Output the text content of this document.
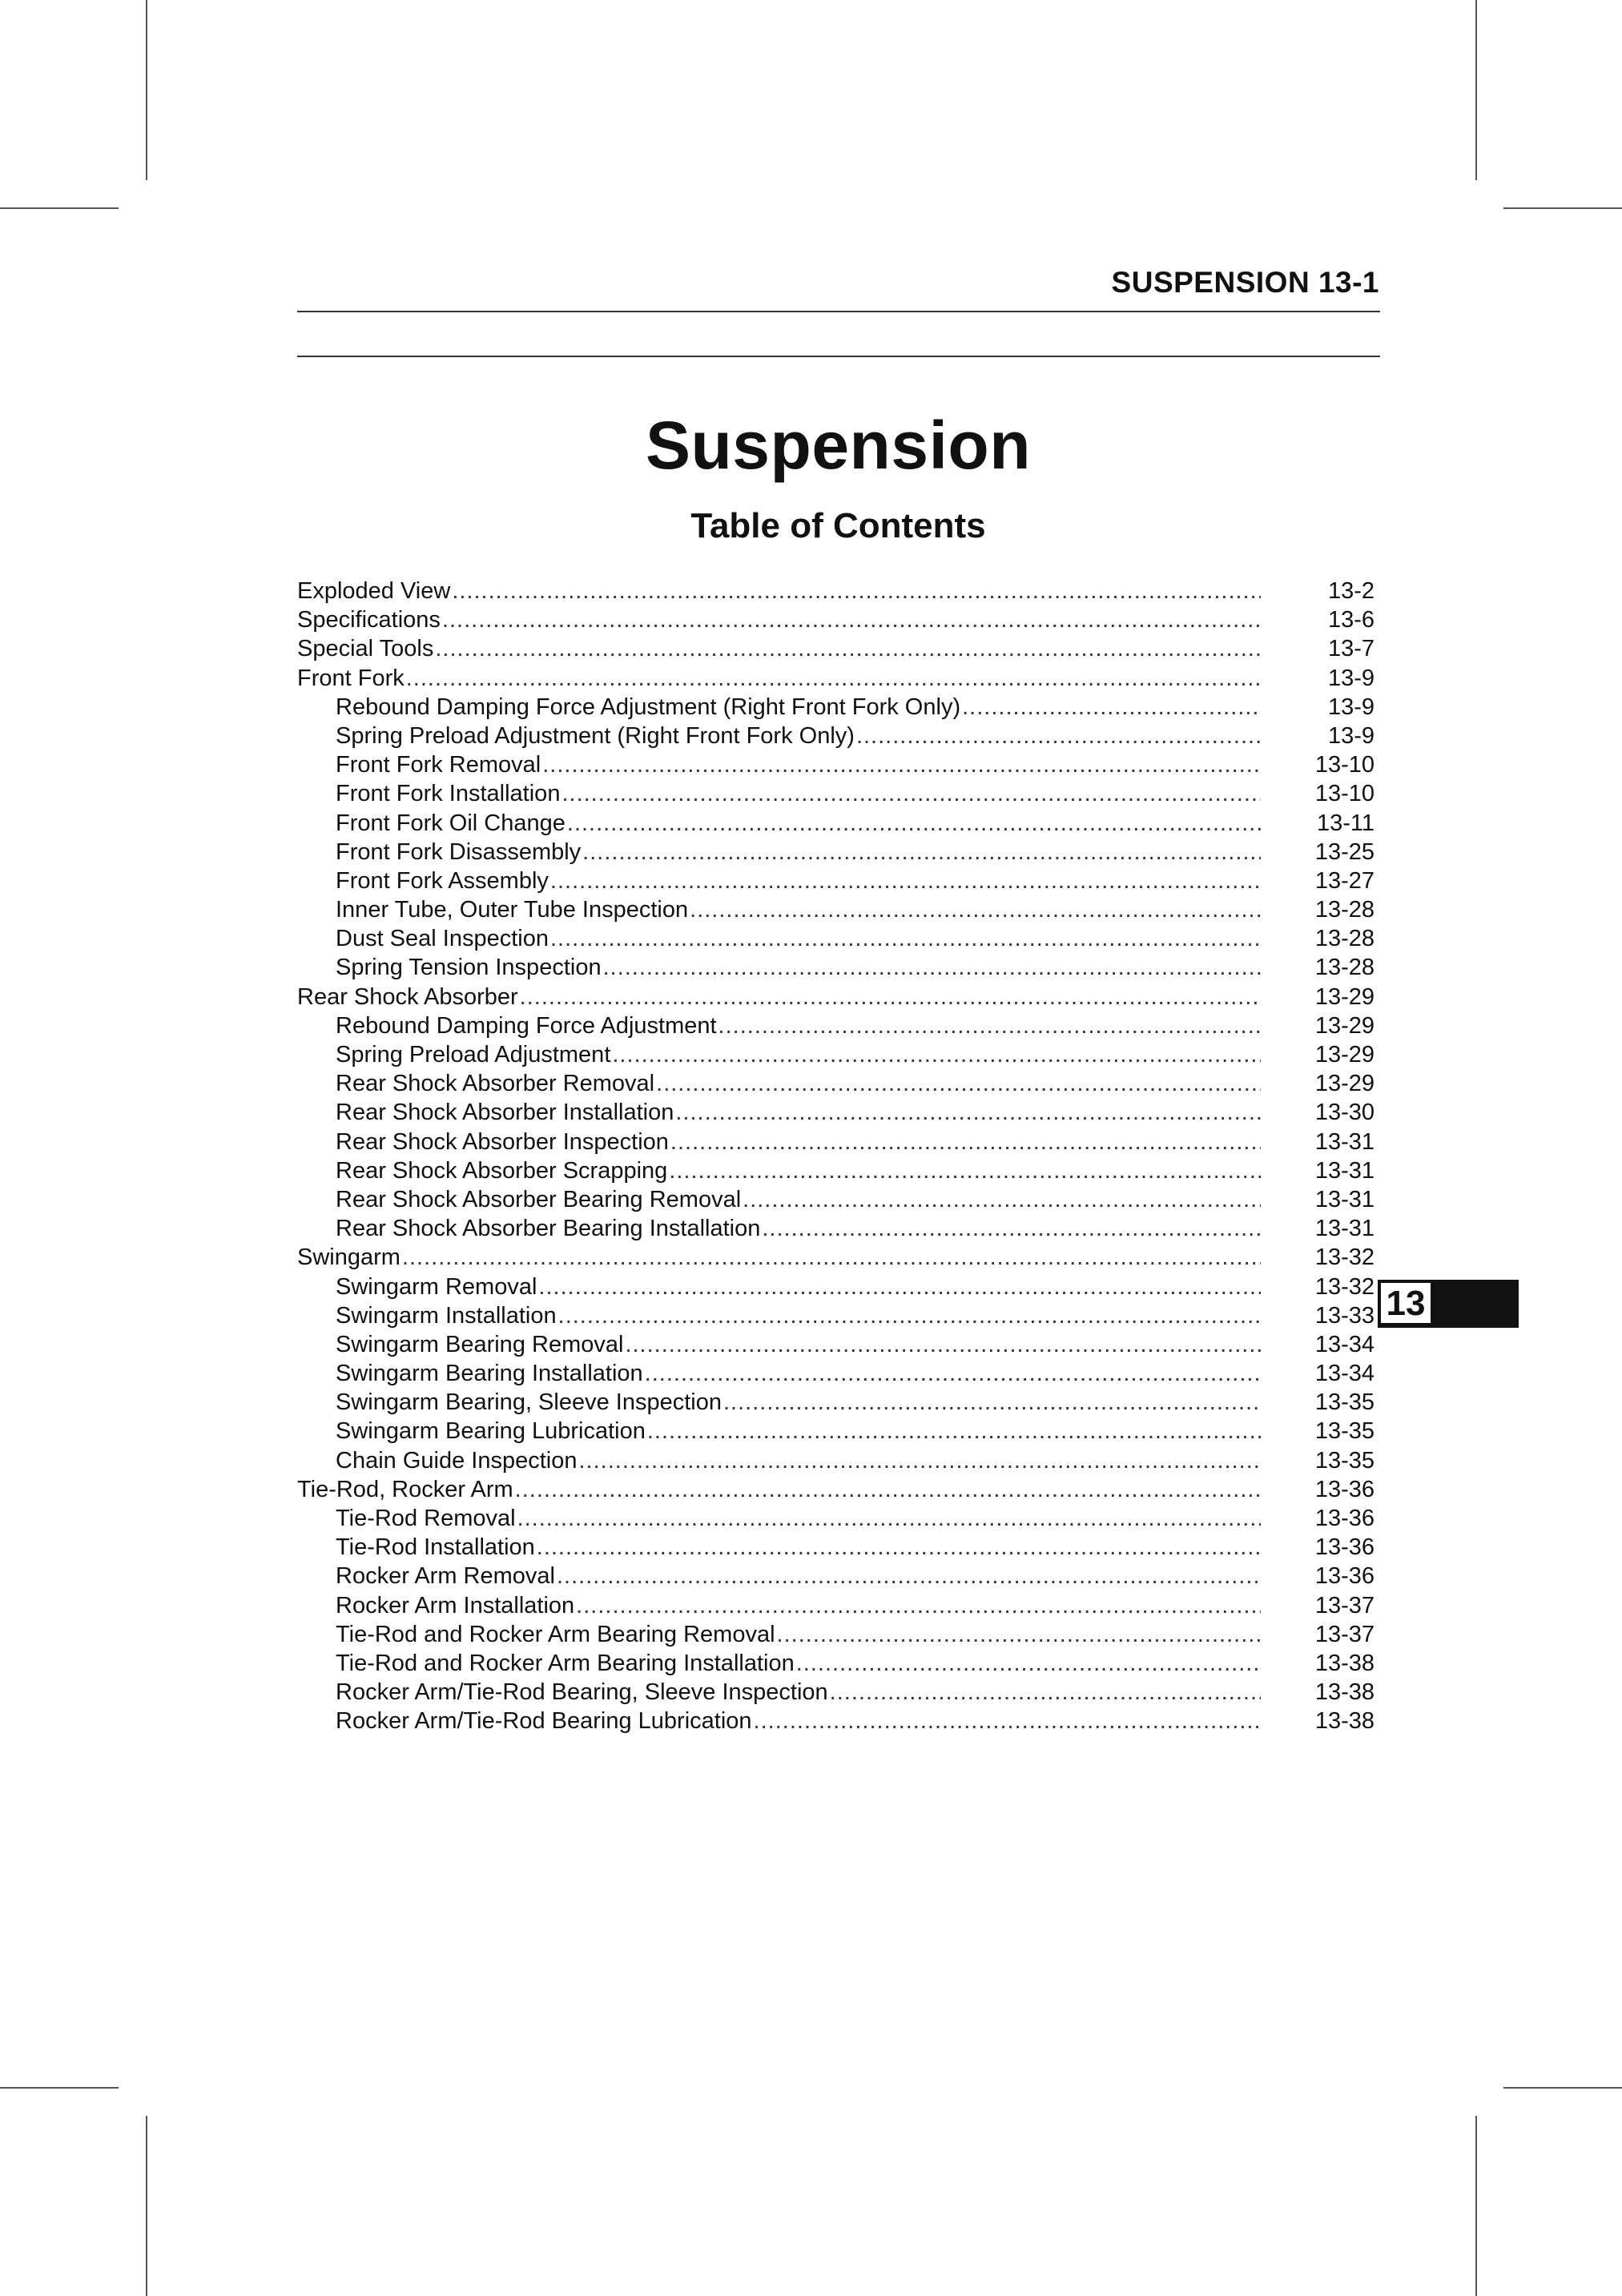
SUSPENSION 13-1
Suspension
Table of Contents
Exploded View .....	13-2
Specifications .....	13-6
Special Tools .....	13-7
Front Fork .....	13-9
Rebound Damping Force Adjustment (Right Front Fork Only) .....	13-9
Spring Preload Adjustment (Right Front Fork Only) .....	13-9
Front Fork Removal .....	13-10
Front Fork Installation .....	13-10
Front Fork Oil Change .....	13-11
Front Fork Disassembly .....	13-25
Front Fork Assembly .....	13-27
Inner Tube, Outer Tube Inspection .....	13-28
Dust Seal Inspection .....	13-28
Spring Tension Inspection .....	13-28
Rear Shock Absorber .....	13-29
Rebound Damping Force Adjustment .....	13-29
Spring Preload Adjustment .....	13-29
Rear Shock Absorber Removal .....	13-29
Rear Shock Absorber Installation .....	13-30
Rear Shock Absorber Inspection .....	13-31
Rear Shock Absorber Scrapping .....	13-31
Rear Shock Absorber Bearing Removal .....	13-31
Rear Shock Absorber Bearing Installation .....	13-31
Swingarm .....	13-32
Swingarm Removal .....	13-32
Swingarm Installation .....	13-33
Swingarm Bearing Removal .....	13-34
Swingarm Bearing Installation .....	13-34
Swingarm Bearing, Sleeve Inspection .....	13-35
Swingarm Bearing Lubrication .....	13-35
Chain Guide Inspection .....	13-35
Tie-Rod, Rocker Arm .....	13-36
Tie-Rod Removal .....	13-36
Tie-Rod Installation .....	13-36
Rocker Arm Removal .....	13-36
Rocker Arm Installation .....	13-37
Tie-Rod and Rocker Arm Bearing Removal .....	13-37
Tie-Rod and Rocker Arm Bearing Installation .....	13-38
Rocker Arm/Tie-Rod Bearing, Sleeve Inspection .....	13-38
Rocker Arm/Tie-Rod Bearing Lubrication .....	13-38
13
